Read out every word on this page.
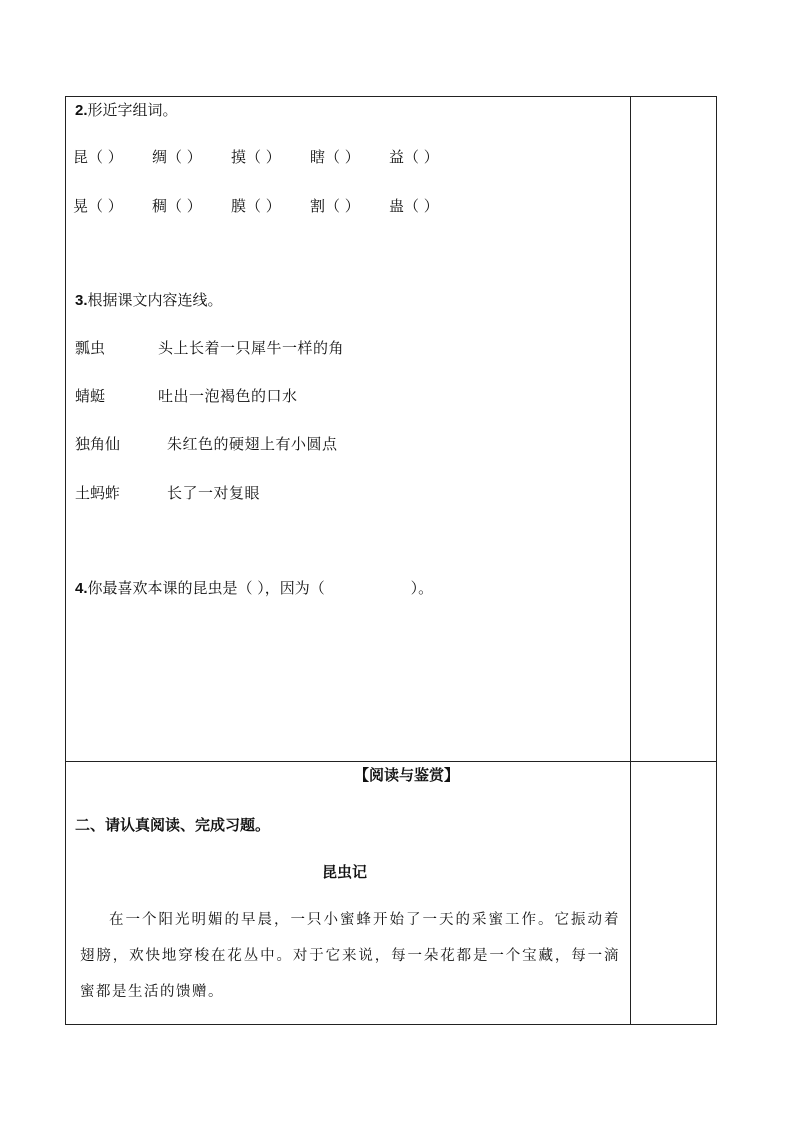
2.形近字组词。
昆（ ） 绸（ ） 摸（ ） 瞎（ ） 益（ ）
晃（ ） 稠（ ） 膜（ ） 割（ ） 蛊（ ）
3.根据课文内容连线。
瓢虫
蜻蜓
独角仙
土蚂蚱
头上长着一只犀牛一样的角
吐出一泡褐色的口水
朱红色的硬翅上有小圆点
长了一对复眼
4.你最喜欢本课的昆虫是（ ），因为（                  ）。
【阅读与鉴赏】
二、请认真阅读、完成习题。
昆虫记

在一个阳光明媚的早晨，一只小蜜蜂开始了一天的采蜜工作。它振动着翅膀，欢快地穿梭在花丛中。对于它来说，每一朵花都是一个宝藏，每一滴蜜都是生活的馈赠。
